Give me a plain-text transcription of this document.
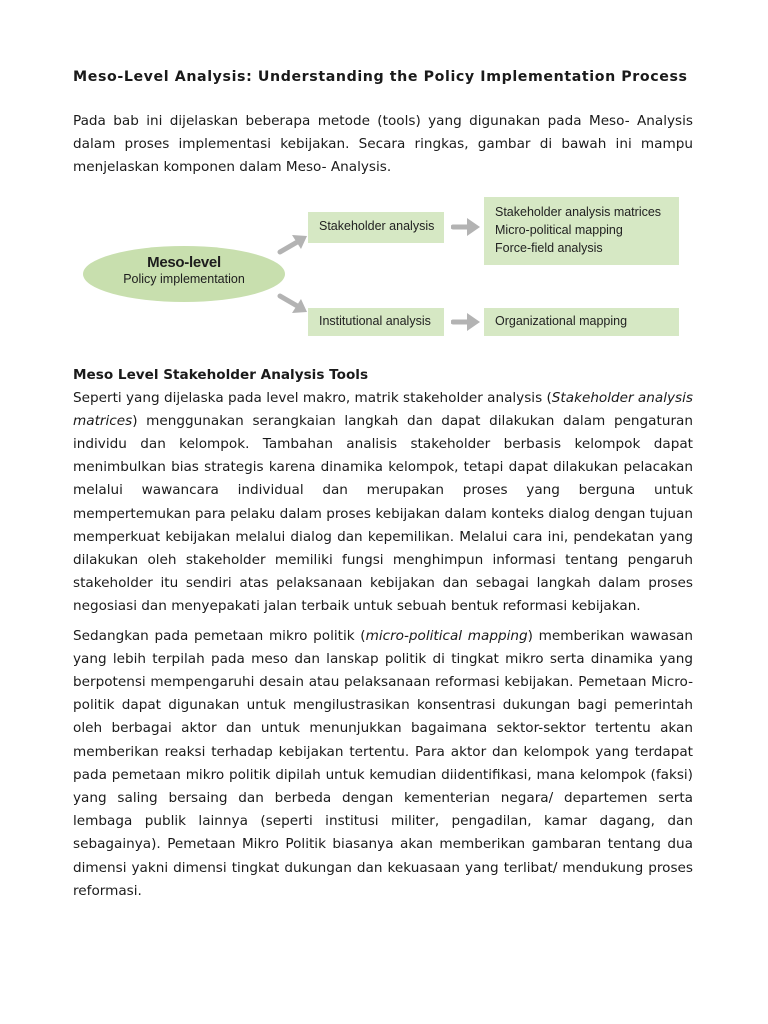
Meso-Level Analysis: Understanding the Policy Implementation Process

Pada bab ini dijelaskan beberapa metode (tools) yang digunakan pada Meso- Analysis dalam proses implementasi kebijakan. Secara ringkas, gambar di bawah ini mampu menjelaskan komponen dalam Meso- Analysis.

Meso-level
Policy implementation
Stakeholder analysis
Stakeholder analysis matrices
Micro-political mapping
Force-field analysis
Institutional analysis	Organizational mapping
Meso Level Stakeholder Analysis Tools

Seperti yang dijelaska pada level makro, matrik stakeholder analysis (Stakeholder analysis matrices) menggunakan serangkaian langkah dan dapat dilakukan dalam pengaturan individu dan kelompok. Tambahan analisis stakeholder berbasis kelompok dapat menimbulkan bias strategis karena dinamika kelompok, tetapi dapat dilakukan pelacakan melalui wawancara individual dan merupakan proses yang berguna untuk mempertemukan para pelaku dalam proses kebijakan dalam konteks dialog dengan tujuan memperkuat kebijakan melalui dialog dan kepemilikan. Melalui cara ini, pendekatan yang dilakukan oleh stakeholder memiliki fungsi menghimpun informasi tentang pengaruh stakeholder itu sendiri atas pelaksanaan kebijakan dan sebagai langkah dalam proses negosiasi dan menyepakati jalan terbaik untuk sebuah bentuk reformasi kebijakan.

Sedangkan pada pemetaan mikro politik (micro-political mapping) memberikan wawasan yang lebih terpilah pada meso dan lanskap politik di tingkat mikro serta dinamika yang berpotensi mempengaruhi desain atau pelaksanaan reformasi kebijakan. Pemetaan Micro-politik dapat digunakan untuk mengilustrasikan konsentrasi dukungan bagi pemerintah oleh berbagai aktor dan untuk menunjukkan bagaimana sektor-sektor tertentu akan memberikan reaksi terhadap kebijakan tertentu. Para aktor dan kelompok yang terdapat pada pemetaan mikro politik dipilah untuk kemudian diidentifikasi, mana kelompok (faksi) yang saling bersaing dan berbeda dengan kementerian negara/ departemen serta lembaga publik lainnya (seperti institusi militer, pengadilan, kamar dagang, dan sebagainya). Pemetaan Mikro Politik biasanya akan memberikan gambaran tentang dua dimensi yakni dimensi tingkat dukungan dan kekuasaan yang terlibat/ mendukung proses reformasi.
